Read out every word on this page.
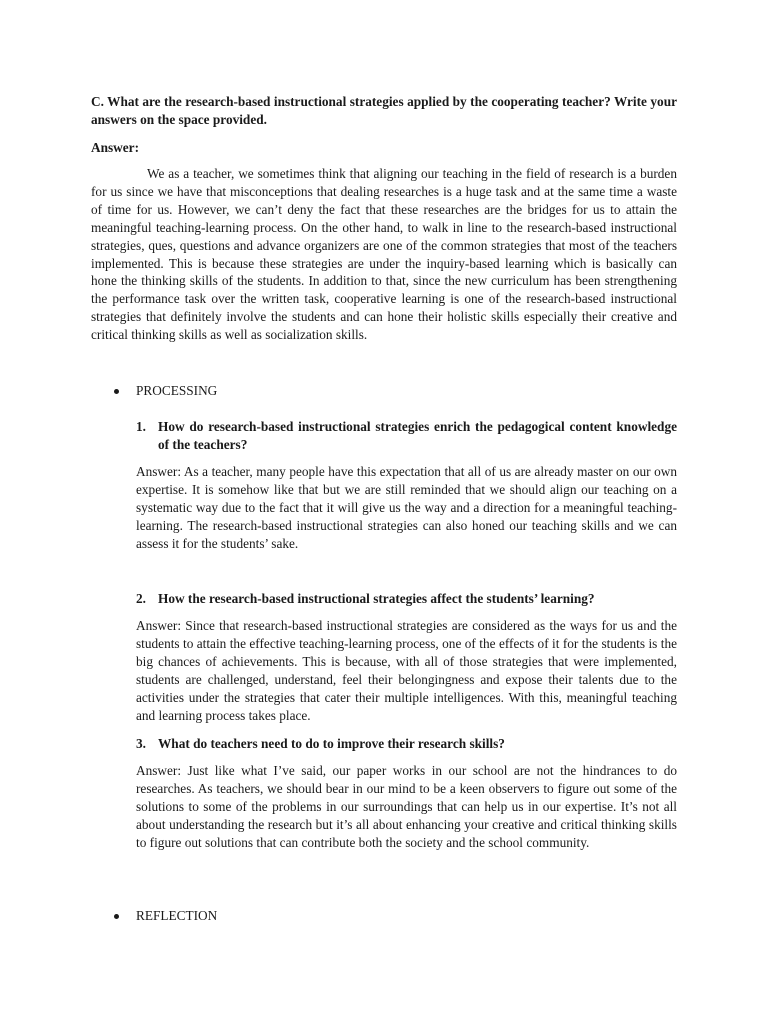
C. What are the research-based instructional strategies applied by the cooperating teacher? Write your answers on the space provided.

Answer:

We as a teacher, we sometimes think that aligning our teaching in the field of research is a burden for us since we have that misconceptions that dealing researches is a huge task and at the same time a waste of time for us. However, we can’t deny the fact that these researches are the bridges for us to attain the meaningful teaching-learning process. On the other hand, to walk in line to the research-based instructional strategies, ques, questions and advance organizers are one of the common strategies that most of the teachers implemented. This is because these strategies are under the inquiry-based learning which is basically can hone the thinking skills of the students. In addition to that, since the new curriculum has been strengthening the performance task over the written task, cooperative learning is one of the research-based instructional strategies that definitely involve the students and can hone their holistic skills especially their creative and critical thinking skills as well as socialization skills.

PROCESSING
1. How do research-based instructional strategies enrich the pedagogical content knowledge of the teachers?

Answer: As a teacher, many people have this expectation that all of us are already master on our own expertise. It is somehow like that but we are still reminded that we should align our teaching on a systematic way due to the fact that it will give us the way and a direction for a meaningful teaching-learning. The research-based instructional strategies can also honed our teaching skills and we can assess it for the students’ sake.

2. How the research-based instructional strategies affect the students’ learning?

Answer: Since that research-based instructional strategies are considered as the ways for us and the students to attain the effective teaching-learning process, one of the effects of it for the students is the big chances of achievements. This is because, with all of those strategies that were implemented, students are challenged, understand, feel their belongingness and expose their talents due to the activities under the strategies that cater their multiple intelligences. With this, meaningful teaching and learning process takes place.

3. What do teachers need to do to improve their research skills?

Answer: Just like what I’ve said, our paper works in our school are not the hindrances to do researches. As teachers, we should bear in our mind to be a keen observers to figure out some of the solutions to some of the problems in our surroundings that can help us in our expertise. It’s not all about understanding the research but it’s all about enhancing your creative and critical thinking skills to figure out solutions that can contribute both the society and the school community.

REFLECTION
